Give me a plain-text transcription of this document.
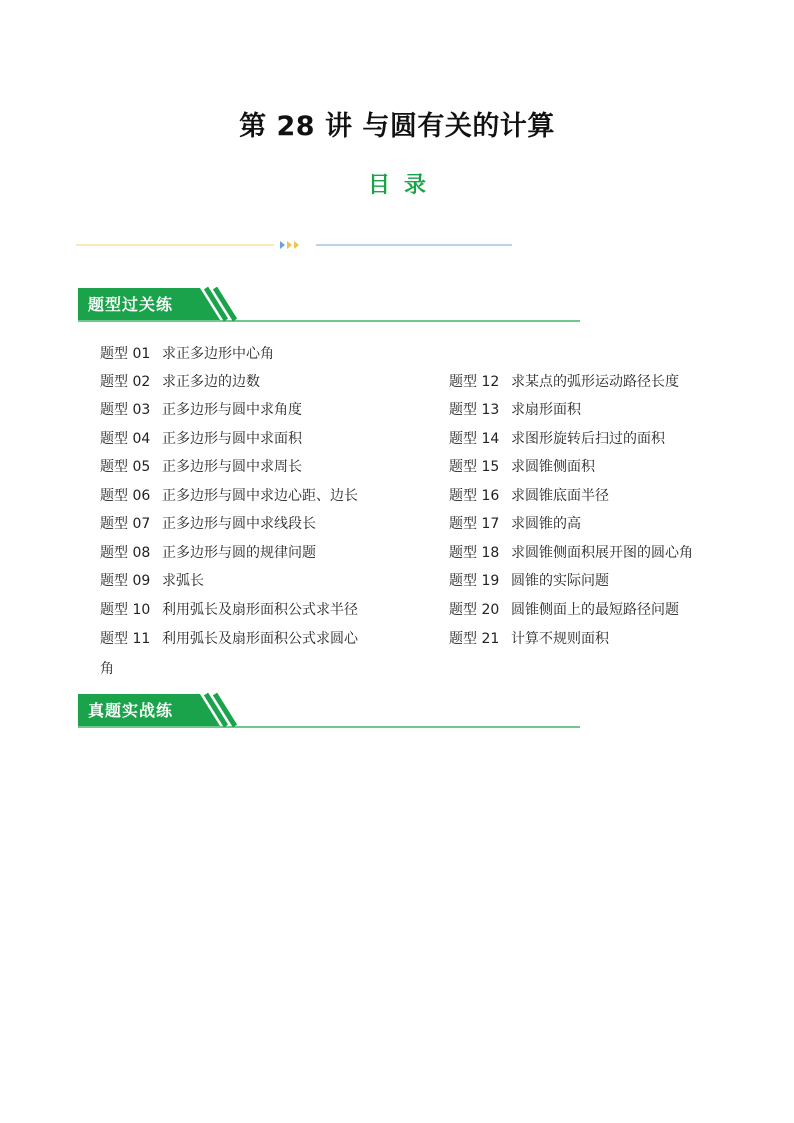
第 28 讲 与圆有关的计算
目录
题型过关练
题型 01 求正多边形中心角
题型 02 求正多边的边数
题型 03 正多边形与圆中求角度
题型 04 正多边形与圆中求面积
题型 05 正多边形与圆中求周长
题型 06 正多边形与圆中求边心距、边长
题型 07 正多边形与圆中求线段长
题型 08 正多边形与圆的规律问题
题型 09 求弧长
题型 10 利用弧长及扇形面积公式求半径
题型 11 利用弧长及扇形面积公式求圆心
角
题型 12 求某点的弧形运动路径长度
题型 13 求扇形面积
题型 14 求图形旋转后扫过的面积
题型 15 求圆锥侧面积
题型 16 求圆锥底面半径
题型 17 求圆锥的高
题型 18 求圆锥侧面积展开图的圆心角
题型 19 圆锥的实际问题
题型 20 圆锥侧面上的最短路径问题
题型 21 计算不规则面积
真题实战练
